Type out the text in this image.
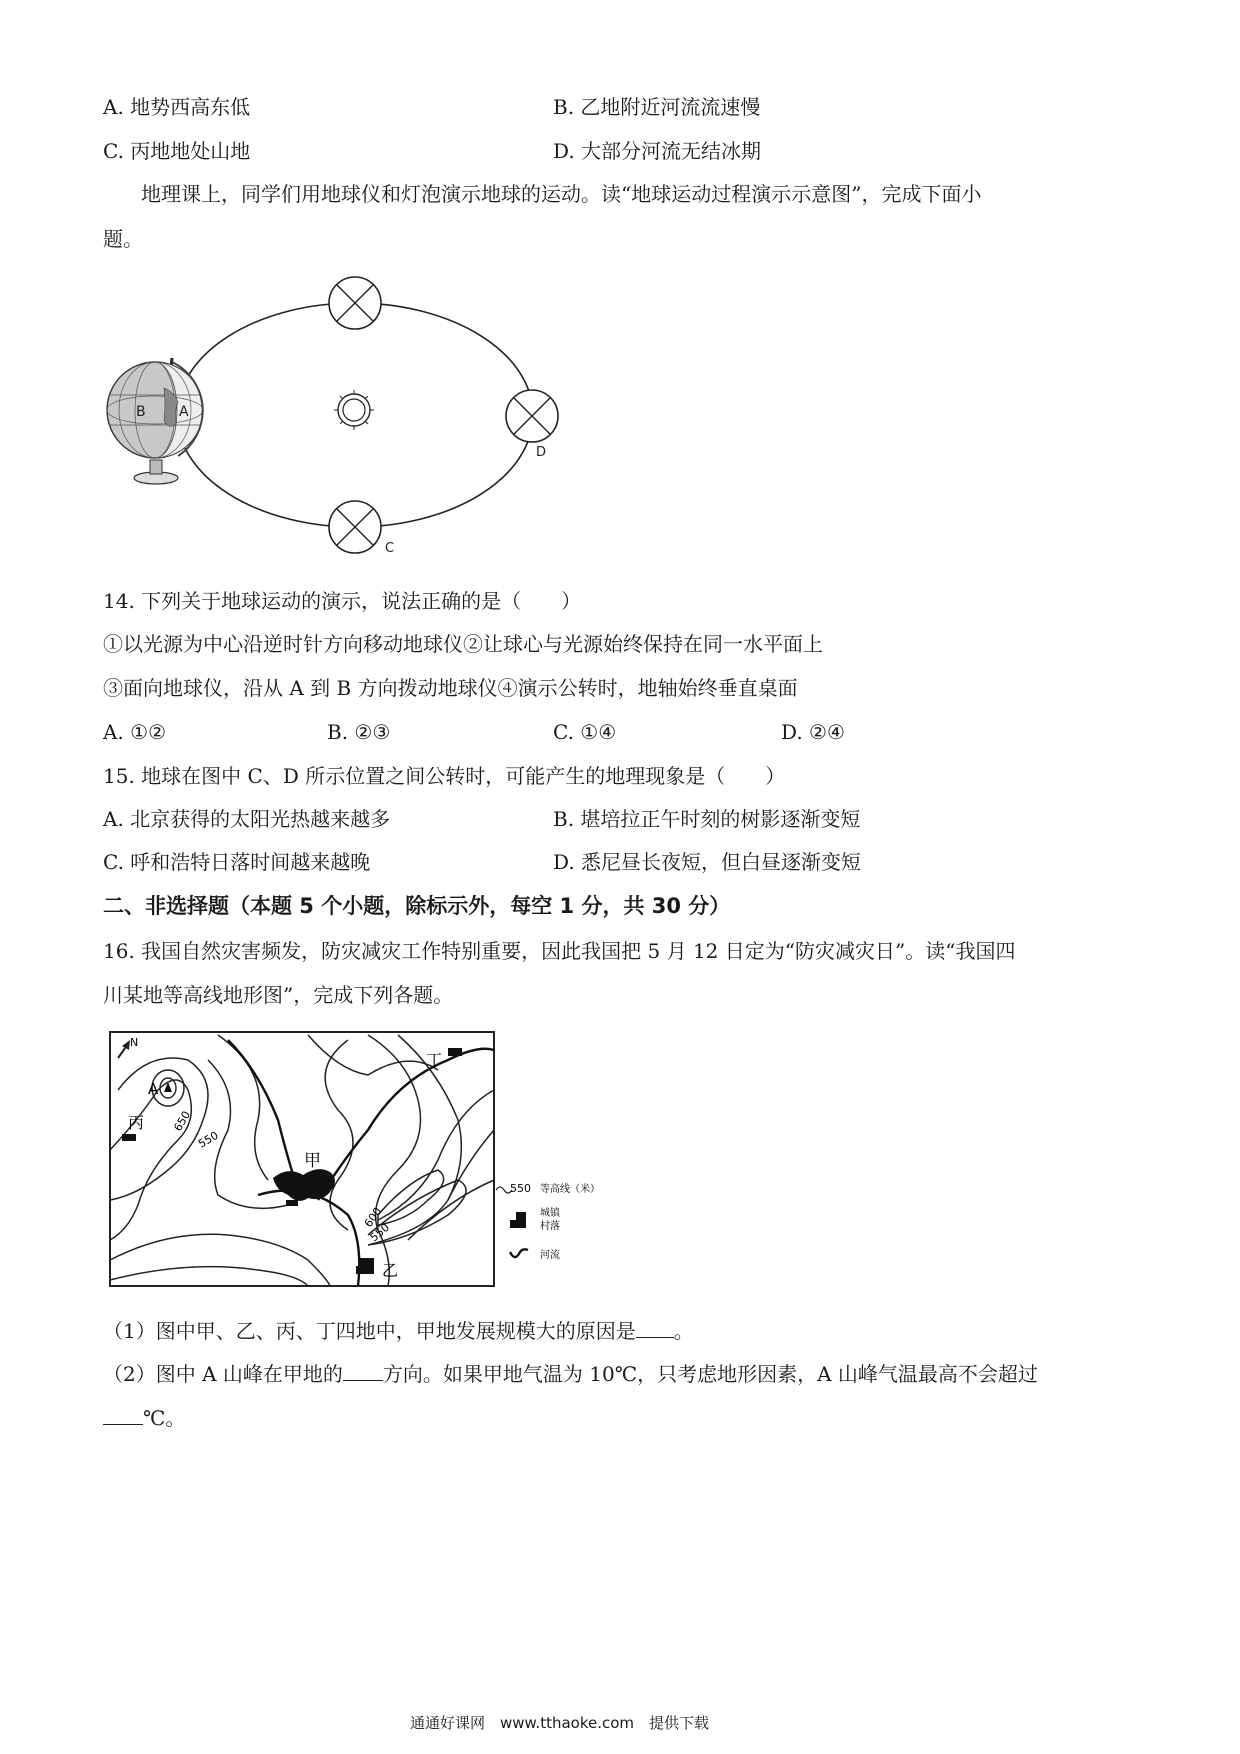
A. 地势西高东低	B. 乙地附近河流流速慢
C. 丙地地处山地	D. 大部分河流无结冰期
地理课上，同学们用地球仪和灯泡演示地球的运动。读“地球运动过程演示示意图”，完成下面小
题。
B A
D
C
14. 下列关于地球运动的演示，说法正确的是（　　）
①以光源为中心沿逆时针方向移动地球仪②让球心与光源始终保持在同一水平面上
③面向地球仪，沿从 A 到 B 方向拨动地球仪④演示公转时，地轴始终垂直桌面
A. ①②	B. ②③	C. ①④	D. ②④
15. 地球在图中 C、D 所示位置之间公转时，可能产生的地理现象是（　　）
A. 北京获得的太阳光热越来越多	B. 堪培拉正午时刻的树影逐渐变短
C. 呼和浩特日落时间越来越晚	D. 悉尼昼长夜短，但白昼逐渐变短
二、非选择题（本题 5 个小题，除标示外，每空 1 分，共 30 分）
16. 我国自然灾害频发，防灾减灾工作特别重要，因此我国把 5 月 12 日定为“防灾减灾日”。读“我国四
川某地等高线地形图”，完成下列各题。
A
N
甲
丙
丁
乙
650
550
600
550
550 等高线（米）
城镇
村落
河流
（1）图中甲、乙、丙、丁四地中，甲地发展规模大的原因是 。
（2）图中 A 山峰在甲地的 方向。如果甲地气温为 10℃，只考虑地形因素，A 山峰气温最高不会超过
℃。
通通好课网　www.tthaoke.com　提供下载
